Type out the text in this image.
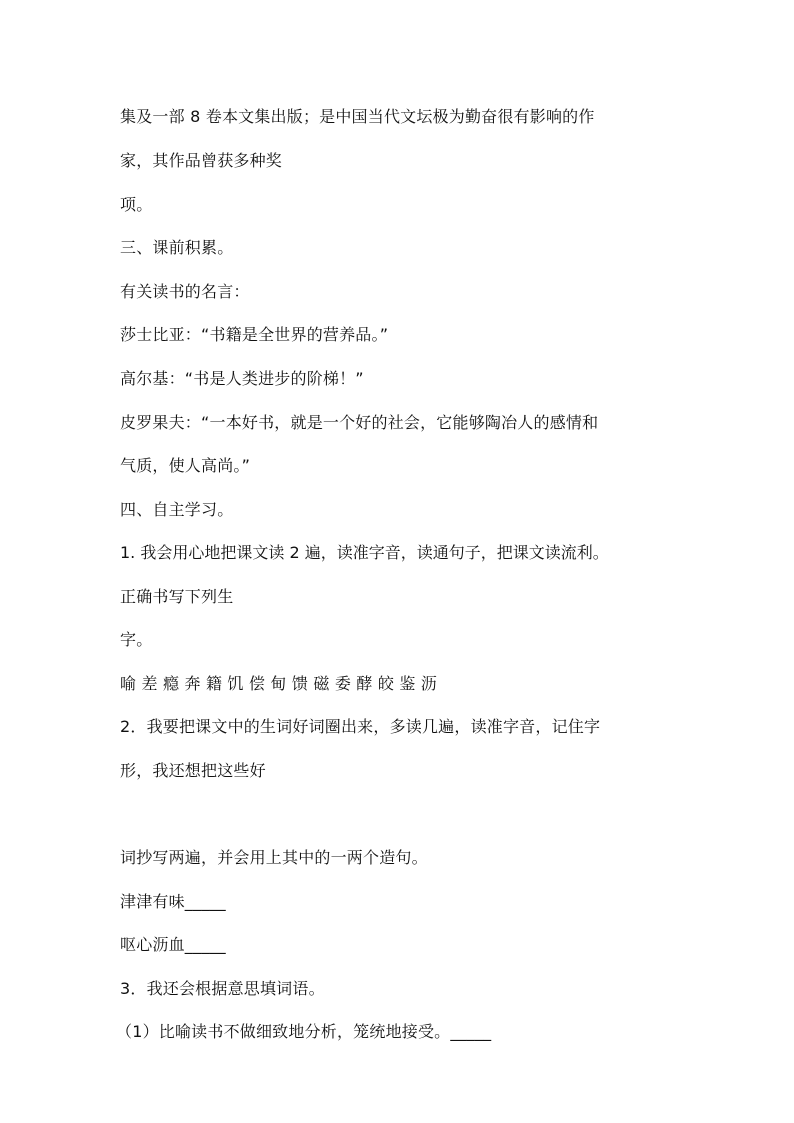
集及一部 8 卷本文集出版；是中国当代文坛极为勤奋很有影响的作
家，其作品曾获多种奖
项。
三、课前积累。
有关读书的名言：
莎士比亚：“书籍是全世界的营养品。”
高尔基：“书是人类进步的阶梯！”
皮罗果夫：“一本好书，就是一个好的社会，它能够陶冶人的感情和
气质，使人高尚。”
四、自主学习。
1. 我会用心地把课文读 2 遍，读准字音，读通句子，把课文读流利。
正确书写下列生
字。
喻 差 瘾 奔 籍 饥 偿 甸 馈 磁 委 酵 皎 鉴 沥
2．我要把课文中的生词好词圈出来，多读几遍，读准字音，记住字
形，我还想把这些好
词抄写两遍，并会用上其中的一两个造句。
津津有味_____
呕心沥血_____
3．我还会根据意思填词语。
（1）比喻读书不做细致地分析，笼统地接受。_____
